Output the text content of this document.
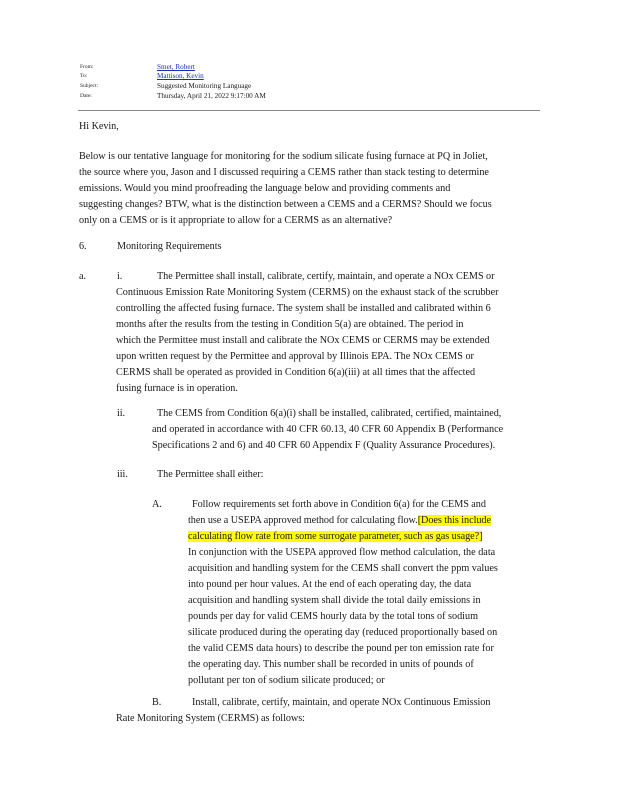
From:	Smet, Robert
To:	Mattison, Kevin
Subject:	Suggested Monitoring Language
Date:	Thursday, April 21, 2022 9:17:00 AM
Hi Kevin,
Below is our tentative language for monitoring for the sodium silicate fusing furnace at PQ in Joliet,
the source where you, Jason and I discussed requiring a CEMS rather than stack testing to determine
emissions. Would you mind proofreading the language below and providing comments and
suggesting changes? BTW, what is the distinction between a CEMS and a CERMS? Should we focus
only on a CEMS or is it appropriate to allow for a CERMS as an alternative?
6.	Monitoring Requirements
a.	i.	The Permittee shall install, calibrate, certify, maintain, and operate a NOx CEMS or
Continuous Emission Rate Monitoring System (CERMS) on the exhaust stack of the scrubber
controlling the affected fusing furnace. The system shall be installed and calibrated within 6
months after the results from the testing in Condition 5(a) are obtained. The period in
which the Permittee must install and calibrate the NOx CEMS or CERMS may be extended
upon written request by the Permittee and approval by Illinois EPA. The NOx CEMS or
CERMS shall be operated as provided in Condition 6(a)(iii) at all times that the affected
fusing furnace is in operation.
ii.	The CEMS from Condition 6(a)(i) shall be installed, calibrated, certified, maintained,
and operated in accordance with 40 CFR 60.13, 40 CFR 60 Appendix B (Performance
Specifications 2 and 6) and 40 CFR 60 Appendix F (Quality Assurance Procedures).
iii.	The Permittee shall either:
A.	Follow requirements set forth above in Condition 6(a) for the CEMS and
then use a USEPA approved method for calculating flow.[Does this include
calculating flow rate from some surrogate parameter, such as gas usage?]
In conjunction with the USEPA approved flow method calculation, the data
acquisition and handling system for the CEMS shall convert the ppm values
into pound per hour values. At the end of each operating day, the data
acquisition and handling system shall divide the total daily emissions in
pounds per day for valid CEMS hourly data by the total tons of sodium
silicate produced during the operating day (reduced proportionally based on
the valid CEMS data hours) to describe the pound per ton emission rate for
the operating day. This number shall be recorded in units of pounds of
pollutant per ton of sodium silicate produced; or
B.	Install, calibrate, certify, maintain, and operate NOx Continuous Emission
Rate Monitoring System (CERMS) as follows:
